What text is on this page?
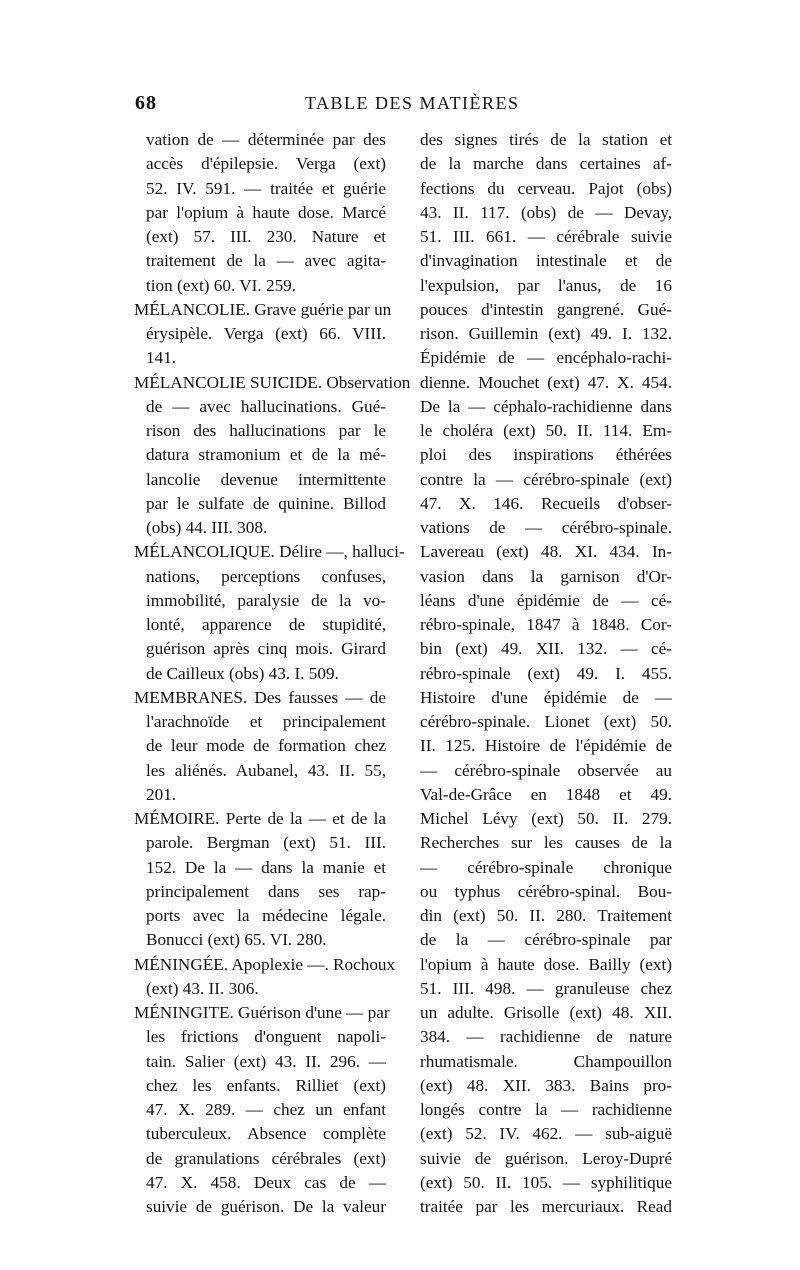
68	TABLE DES MATIÈRES
vation de — déterminée par des
accès d'épilepsie. Verga (ext)
52. IV. 591. — traitée et guérie
par l'opium à haute dose. Marcé
(ext) 57. III. 230. Nature et
traitement de la — avec agita-
tion (ext) 60. VI. 259.
MÉLANCOLIE. Grave guérie par un
érysipèle. Verga (ext) 66. VIII.
141.
MÉLANCOLIE SUICIDE. Observation
de — avec hallucinations. Gué-
rison des hallucinations par le
datura stramonium et de la mé-
lancolie devenue intermittente
par le sulfate de quinine. Billod
(obs) 44. III. 308.
MÉLANCOLIQUE. Délire —, halluci-
nations, perceptions confuses,
immobilité, paralysie de la vo-
lonté, apparence de stupidité,
guérison après cinq mois. Girard
de Cailleux (obs) 43. I. 509.
MEMBRANES. Des fausses — de
l'arachnoïde et principalement
de leur mode de formation chez
les aliénés. Aubanel, 43. II. 55,
201.
MÉMOIRE. Perte de la — et de la
parole. Bergman (ext) 51. III.
152. De la — dans la manie et
principalement dans ses rap-
ports avec la médecine légale.
Bonucci (ext) 65. VI. 280.
MÉNINGÉE. Apoplexie —. Rochoux
(ext) 43. II. 306.
MÉNINGITE. Guérison d'une — par
les frictions d'onguent napoli-
tain. Salier (ext) 43. II. 296. —
chez les enfants. Rilliet (ext)
47. X. 289. — chez un enfant
tuberculeux. Absence complète
de granulations cérébrales (ext)
47. X. 458. Deux cas de —
suivie de guérison. De la valeur
des signes tirés de la station et
de la marche dans certaines af-
fections du cerveau. Pajot (obs)
43. II. 117. (obs) de — Devay,
51. III. 661. — cérébrale suivie
d'invagination intestinale et de
l'expulsion, par l'anus, de 16
pouces d'intestin gangrené. Gué-
rison. Guillemin (ext) 49. I. 132.
Épidémie de — encéphalo-rachi-
dienne. Mouchet (ext) 47. X. 454.
De la — céphalo-rachidienne dans
le choléra (ext) 50. II. 114. Em-
ploi des inspirations éthérées
contre la — cérébro-spinale (ext)
47. X. 146. Recueils d'obser-
vations de — cérébro-spinale.
Lavereau (ext) 48. XI. 434. In-
vasion dans la garnison d'Or-
léans d'une épidémie de — cé-
rébro-spinale, 1847 à 1848. Cor-
bin (ext) 49. XII. 132. — cé-
rébro-spinale (ext) 49. I. 455.
Histoire d'une épidémie de —
cérébro-spinale. Lionet (ext) 50.
II. 125. Histoire de l'épidémie de
— cérébro-spinale observée au
Val-de-Grâce en 1848 et 49.
Michel Lévy (ext) 50. II. 279.
Recherches sur les causes de la
— cérébro-spinale chronique
ou typhus cérébro-spinal. Bou-
din (ext) 50. II. 280. Traitement
de la — cérébro-spinale par
l'opium à haute dose. Bailly (ext)
51. III. 498. — granuleuse chez
un adulte. Grisolle (ext) 48. XII.
384. — rachidienne de nature
rhumatismale. Champouillon
(ext) 48. XII. 383. Bains pro-
longés contre la — rachidienne
(ext) 52. IV. 462. — sub-aiguë
suivie de guérison. Leroy-Dupré
(ext) 50. II. 105. — syphilitique
traitée par les mercuriaux. Read
